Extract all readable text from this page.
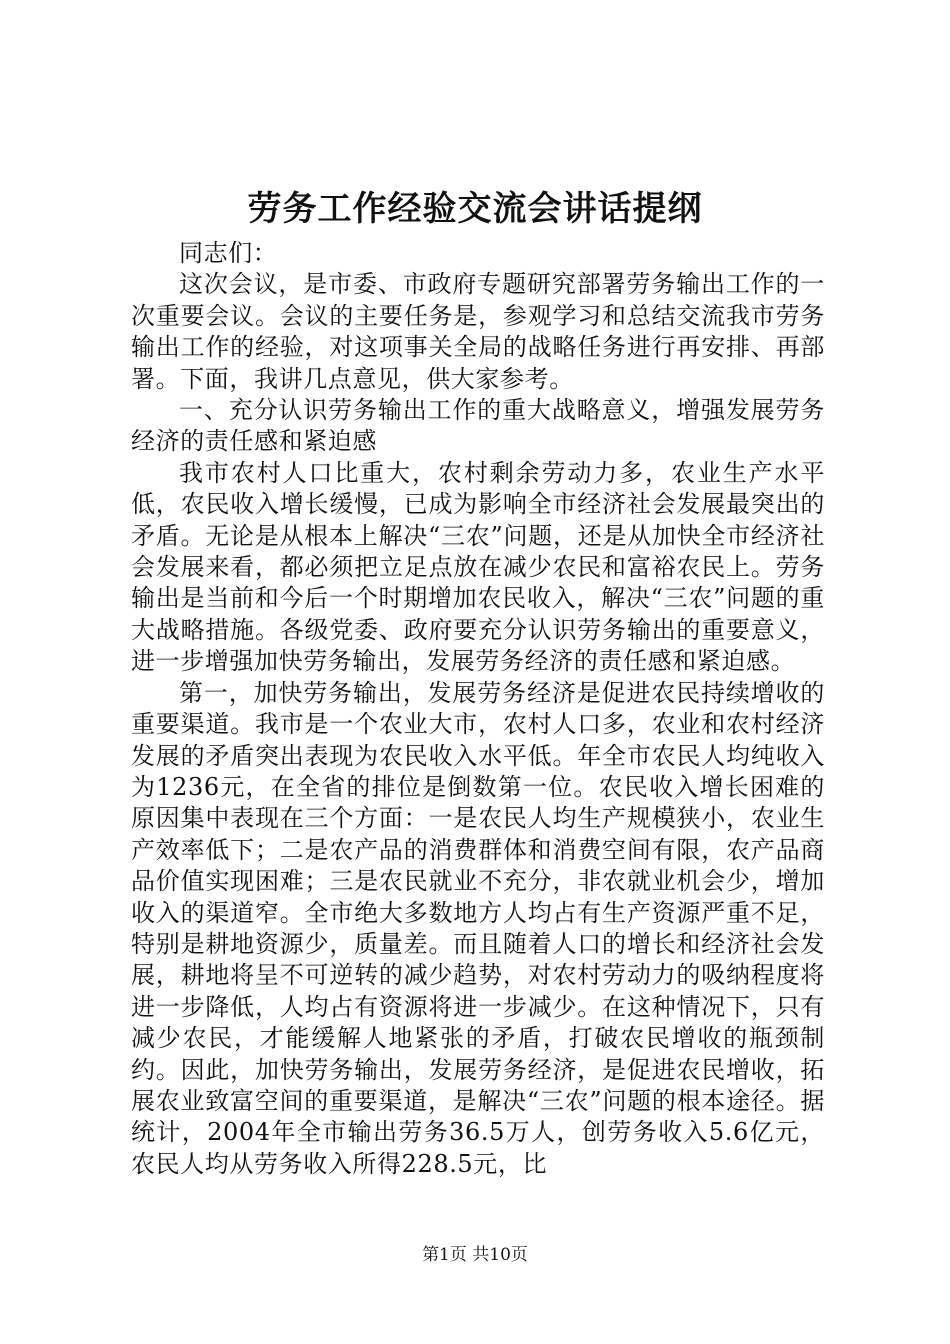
劳务工作经验交流会讲话提纲

同志们：

这次会议，是市委、市政府专题研究部署劳务输出工作的一次重要会议。会议的主要任务是，参观学习和总结交流我市劳务输出工作的经验，对这项事关全局的战略任务进行再安排、再部署。下面，我讲几点意见，供大家参考。

一、充分认识劳务输出工作的重大战略意义，增强发展劳务经济的责任感和紧迫感

我市农村人口比重大，农村剩余劳动力多，农业生产水平低，农民收入增长缓慢，已成为影响全市经济社会发展最突出的矛盾。无论是从根本上解决“三农”问题，还是从加快全市经济社会发展来看，都必须把立足点放在减少农民和富裕农民上。劳务输出是当前和今后一个时期增加农民收入，解决“三农”问题的重大战略措施。各级党委、政府要充分认识劳务输出的重要意义，进一步增强加快劳务输出，发展劳务经济的责任感和紧迫感。

第一，加快劳务输出，发展劳务经济是促进农民持续增收的重要渠道。我市是一个农业大市，农村人口多，农业和农村经济发展的矛盾突出表现为农民收入水平低。年全市农民人均纯收入为1236元，在全省的排位是倒数第一位。农民收入增长困难的原因集中表现在三个方面：一是农民人均生产规模狭小，农业生产效率低下；二是农产品的消费群体和消费空间有限，农产品商品价值实现困难；三是农民就业不充分，非农就业机会少，增加收入的渠道窄。全市绝大多数地方人均占有生产资源严重不足，特别是耕地资源少，质量差。而且随着人口的增长和经济社会发展，耕地将呈不可逆转的减少趋势，对农村劳动力的吸纳程度将进一步降低，人均占有资源将进一步减少。在这种情况下，只有减少农民，才能缓解人地紧张的矛盾，打破农民增收的瓶颈制约。因此，加快劳务输出，发展劳务经济，是促进农民增收，拓展农业致富空间的重要渠道，是解决“三农”问题的根本途径。据统计，2004年全市输出劳务36.5万人，创劳务收入5.6亿元，农民人均从劳务收入所得228.5元，比

第1页 共10页
